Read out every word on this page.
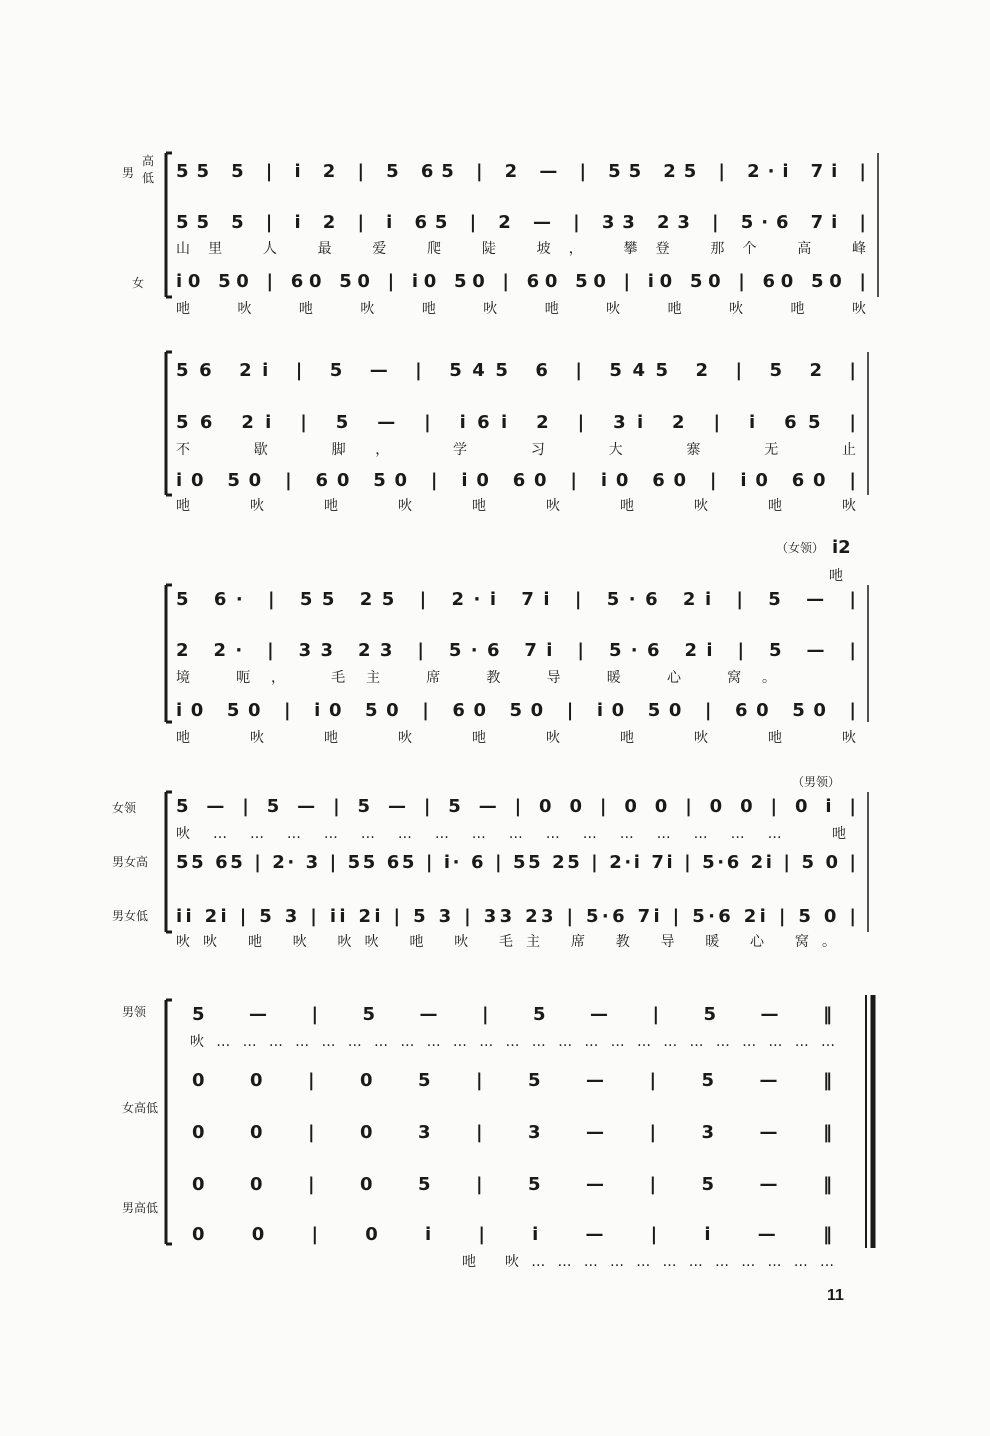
男
高
低
女
55 5 | i 2 | 5 65 | 2 — | 55 25 | 2·i 7i |
55 5 | i 2 | i 65 | 2 — | 33 23 | 5·6 7i |
山里 人 最 爱 爬 陡 坡， 攀登 那个 高 峰
i0 50 | 60 50 | i0 50 | 60 50 | i0 50 | 60 50 |
吔 吙 吔 吙 吔 吙 吔 吙 吔 吙 吔 吙
56 2i | 5 — | 545 6 | 545 2 | 5 2 |
56 2i | 5 — | i6i 2 | 3i 2 | i 65 |
不 歇 脚， 学 习 大 寨 无 止
i0 50 | 60 50 | i0 60 | i0 60 | i0 60 |
吔 吙 吔 吙 吔 吙 吔 吙 吔 吙
（女领） i2
吔
5 6· | 55 25 | 2·i 7i | 5·6 2i | 5 — |
2 2· | 33 23 | 5·6 7i | 5·6 2i | 5 — |
境 呃， 毛主 席 教 导 暖 心 窝。
i0 50 | i0 50 | 60 50 | i0 50 | 60 50 |
吔 吙 吔 吙 吔 吙 吔 吙 吔 吙
（男领）
女领
男女高
男女低
5 — | 5 — | 5 — | 5 — | 0 0 | 0 0 | 0 0 | 0 i |
吙………………………………………… 吔
55 65 | 2· 3 | 55 65 | i· 6 | 55 25 | 2·i 7i | 5·6 2i | 5 0 |
ii 2i | 5 3 | ii 2i | 5 3 | 33 23 | 5·6 7i | 5·6 2i | 5 0 |
吙吙 吔 吙 吙吙 吔 吙 毛主 席 教 导 暖 心 窝。
男领
女高低
男高低
5 — | 5 — | 5 — | 5 — ‖
吙………………………………………………………………
0 0 | 0 5 | 5 — | 5 — ‖
0 0 | 0 3 | 3 — | 3 — ‖
0 0 | 0 5 | 5 — | 5 — ‖
0 0 | 0 i | i — | i — ‖
吔 吙………………………………
11
